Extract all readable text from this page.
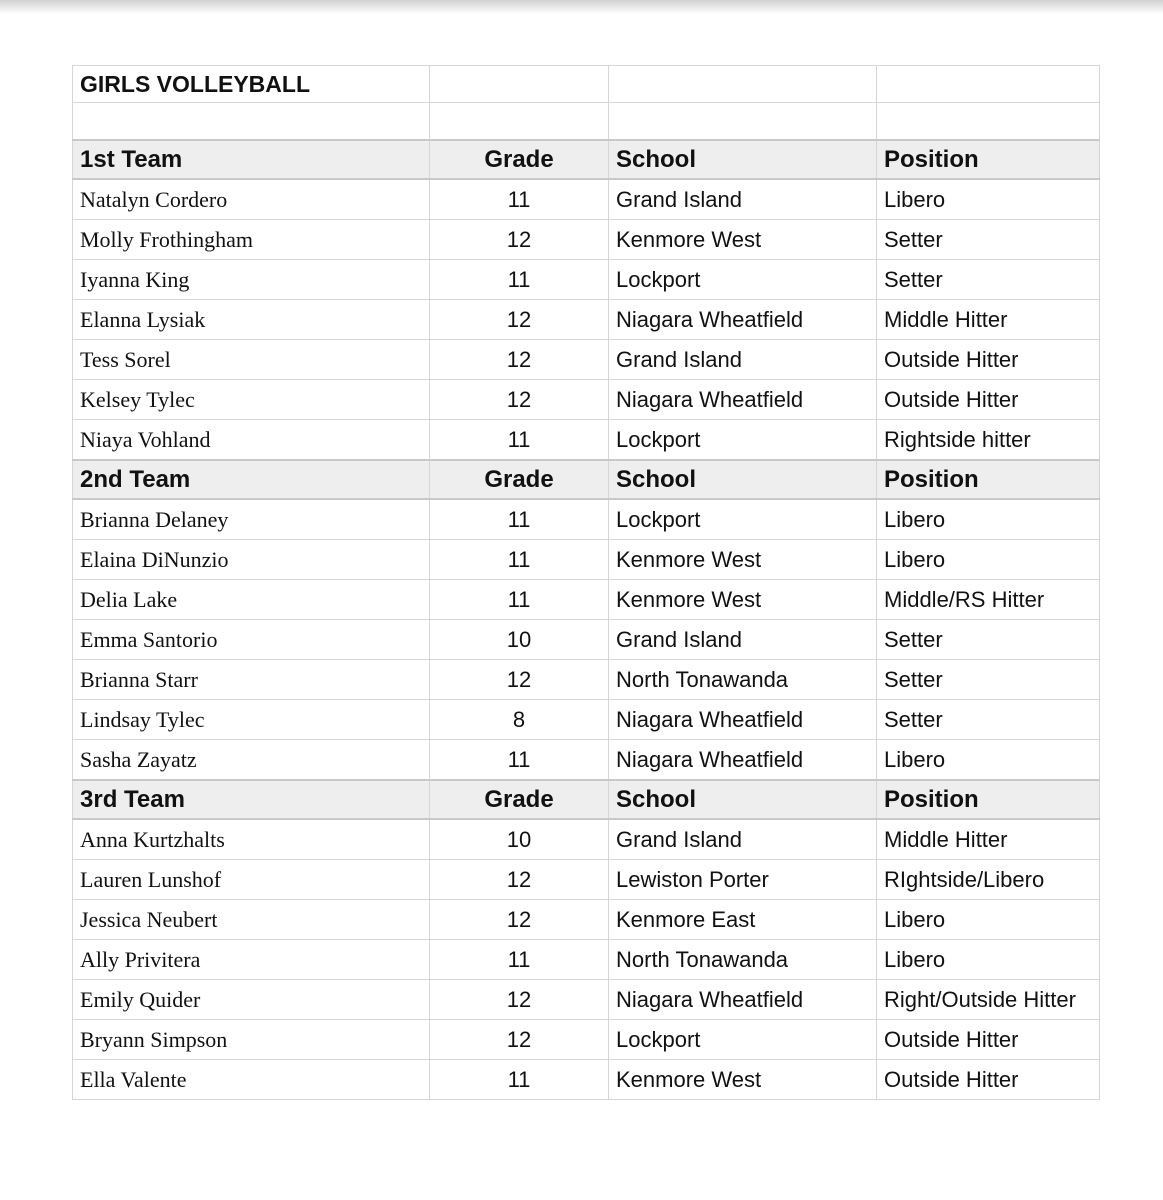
GIRLS VOLLEYBALL			

1st Team	Grade	School	Position
Natalyn Cordero	11	Grand Island	Libero
Molly Frothingham	12	Kenmore West	Setter
Iyanna King	11	Lockport	Setter
Elanna Lysiak	12	Niagara Wheatfield	Middle Hitter
Tess Sorel	12	Grand Island	Outside Hitter
Kelsey Tylec	12	Niagara Wheatfield	Outside Hitter
Niaya Vohland	11	Lockport	Rightside hitter
2nd Team	Grade	School	Position
Brianna Delaney	11	Lockport	Libero
Elaina DiNunzio	11	Kenmore West	Libero
Delia Lake	11	Kenmore West	Middle/RS Hitter
Emma Santorio	10	Grand Island	Setter
Brianna Starr	12	North Tonawanda	Setter
Lindsay Tylec	8	Niagara Wheatfield	Setter
Sasha Zayatz	11	Niagara Wheatfield	Libero
3rd Team	Grade	School	Position
Anna Kurtzhalts	10	Grand Island	Middle Hitter
Lauren Lunshof	12	Lewiston Porter	RIghtside/Libero
Jessica Neubert	12	Kenmore East	Libero
Ally Privitera	11	North Tonawanda	Libero
Emily Quider	12	Niagara Wheatfield	Right/Outside Hitter
Bryann Simpson	12	Lockport	Outside Hitter
Ella Valente	11	Kenmore West	Outside Hitter
